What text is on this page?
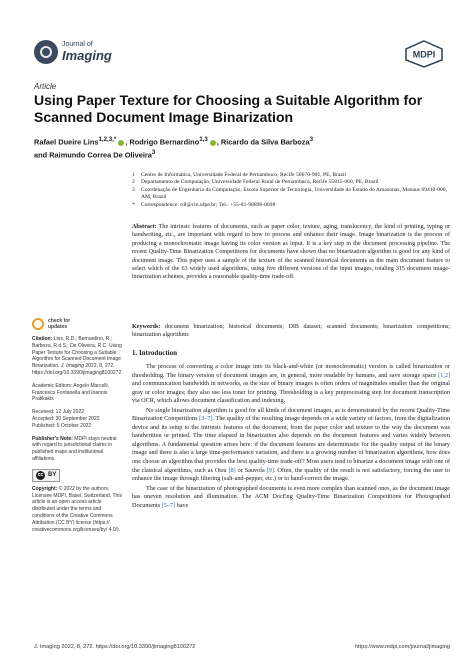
Journal of
Imaging	MDPI
Article
Using Paper Texture for Choosing a Suitable Algorithm for Scanned Document Image Binarization
Rafael Dueire Lins$^{1,2,3,*}$ , Rodrigo Bernardino$^{1,3}$ , Ricardo da Silva Barboza$^3$
and Raimundo Correa De Oliveira$^3$
1	Centro de Informática, Universidade Federal de Pernambuco, Recife 50670-901, PE, Brazil
2	Departamento de Computação, Universidade Federal Rural de Pernambuco, Recife 55815-060, PE, Brazil
3	Coordenação de Engenharia da Computação, Escola Superior de Tecnologia, Universidade do Estado do Amazonas, Manaus 69410-000, AM, Brazil
*	Correspondence: rdl@cin.ufpe.br; Tel.: +55-81-98896-0698
Abstract: The intrinsic features of documents, such as paper color, texture, aging, translucency, the kind of printing, typing or handwriting, etc., are important with regard to how to process and enhance their image. Image binarization is the process of producing a monochromatic image having its color version as input. It is a key step in the document processing pipeline. The recent Quality-Time Binarization Competitions for documents have shown that no binarization algorithm is good for any kind of document image. This paper uses a sample of the texture of the scanned historical documents as the main document feature to select which of the 63 widely used algorithms, using five different versions of the input images, totaling 315 document image-binarization schemes, provides a reasonable quality-time trade-off.
Keywords: document binarization; historical documents; DIB dataset; scanned documents; binarization competitions; binarization algorithms
1. Introduction

The process of converting a color image into its black-and-white (or monochromatic) version is called binarization or thresholding. The binary version of document images are, in general, more readable by humans, and save storage space [1,2] and communication bandwidth in networks, as the size of binary images is often orders of magnitudes smaller than the original gray or color images; they also use less toner for printing. Thresholding is a key preprocessing step for document transcription via OCR, which allows document classification and indexing.

No single binarization algorithm is good for all kinds of document images, as is demonstrated by the recent Quality-Time Binarization Competitions [3–7]. The quality of the resulting image depends on a wide variety of factors, from the digitalization device and its setup to the intrinsic features of the document, from the paper color and texture to the way the document was handwritten or printed. The time elapsed in binarization also depends on the document features and varies widely between algorithms. A fundamental question arises here: if the document features are deterministic for the quality output of the binary image and there is also a large time-performance variation, and there is a growing number of binarization algorithms, how does one choose an algorithm that provides the best quality-time trade-off? Most users tend to binarize a document image with one of the classical algorithms, such as Otsu [8] or Sauvola [9]. Often, the quality of the result is not satisfactory, forcing the user to enhance the image through filtering (salt-and-pepper, etc.) or to hand-correct the image.

The case of the binarization of photographed documents is even more complex than scanned ones, as the document image has uneven resolution and illumination. The ACM DocEng Quality-Time Binarization Competitions for Photographed Documents [5–7] have

check for
updates
Citation: Lins, R.D.; Bernardino, R.; Barboza, R.d.S.; De Oliveira, R.C. Using Paper Texture for Choosing a Suitable Algorithm for Scanned Document Image Binarization. J. Imaging 2022, 8, 272. https://doi.org/10.3390/jimaging8100272
Academic Editors: Angelo Marcelli, Francesco Fontanella and Ioannis Pratikakis
Received: 12 July 2022
Accepted: 30 September 2022
Published: 5 October 2022
Publisher's Note: MDPI stays neutral with regard to jurisdictional claims in published maps and institutional affiliations.
cc BY
Copyright: © 2022 by the authors. Licensee MDPI, Basel, Switzerland. This article is an open access article distributed under the terms and conditions of the Creative Commons Attribution (CC BY) license (https:// creativecommons.org/licenses/by/ 4.0/).
J. Imaging 2022, 8, 272. https://doi.org/10.3390/jimaging8100272	https://www.mdpi.com/journal/jimaging
